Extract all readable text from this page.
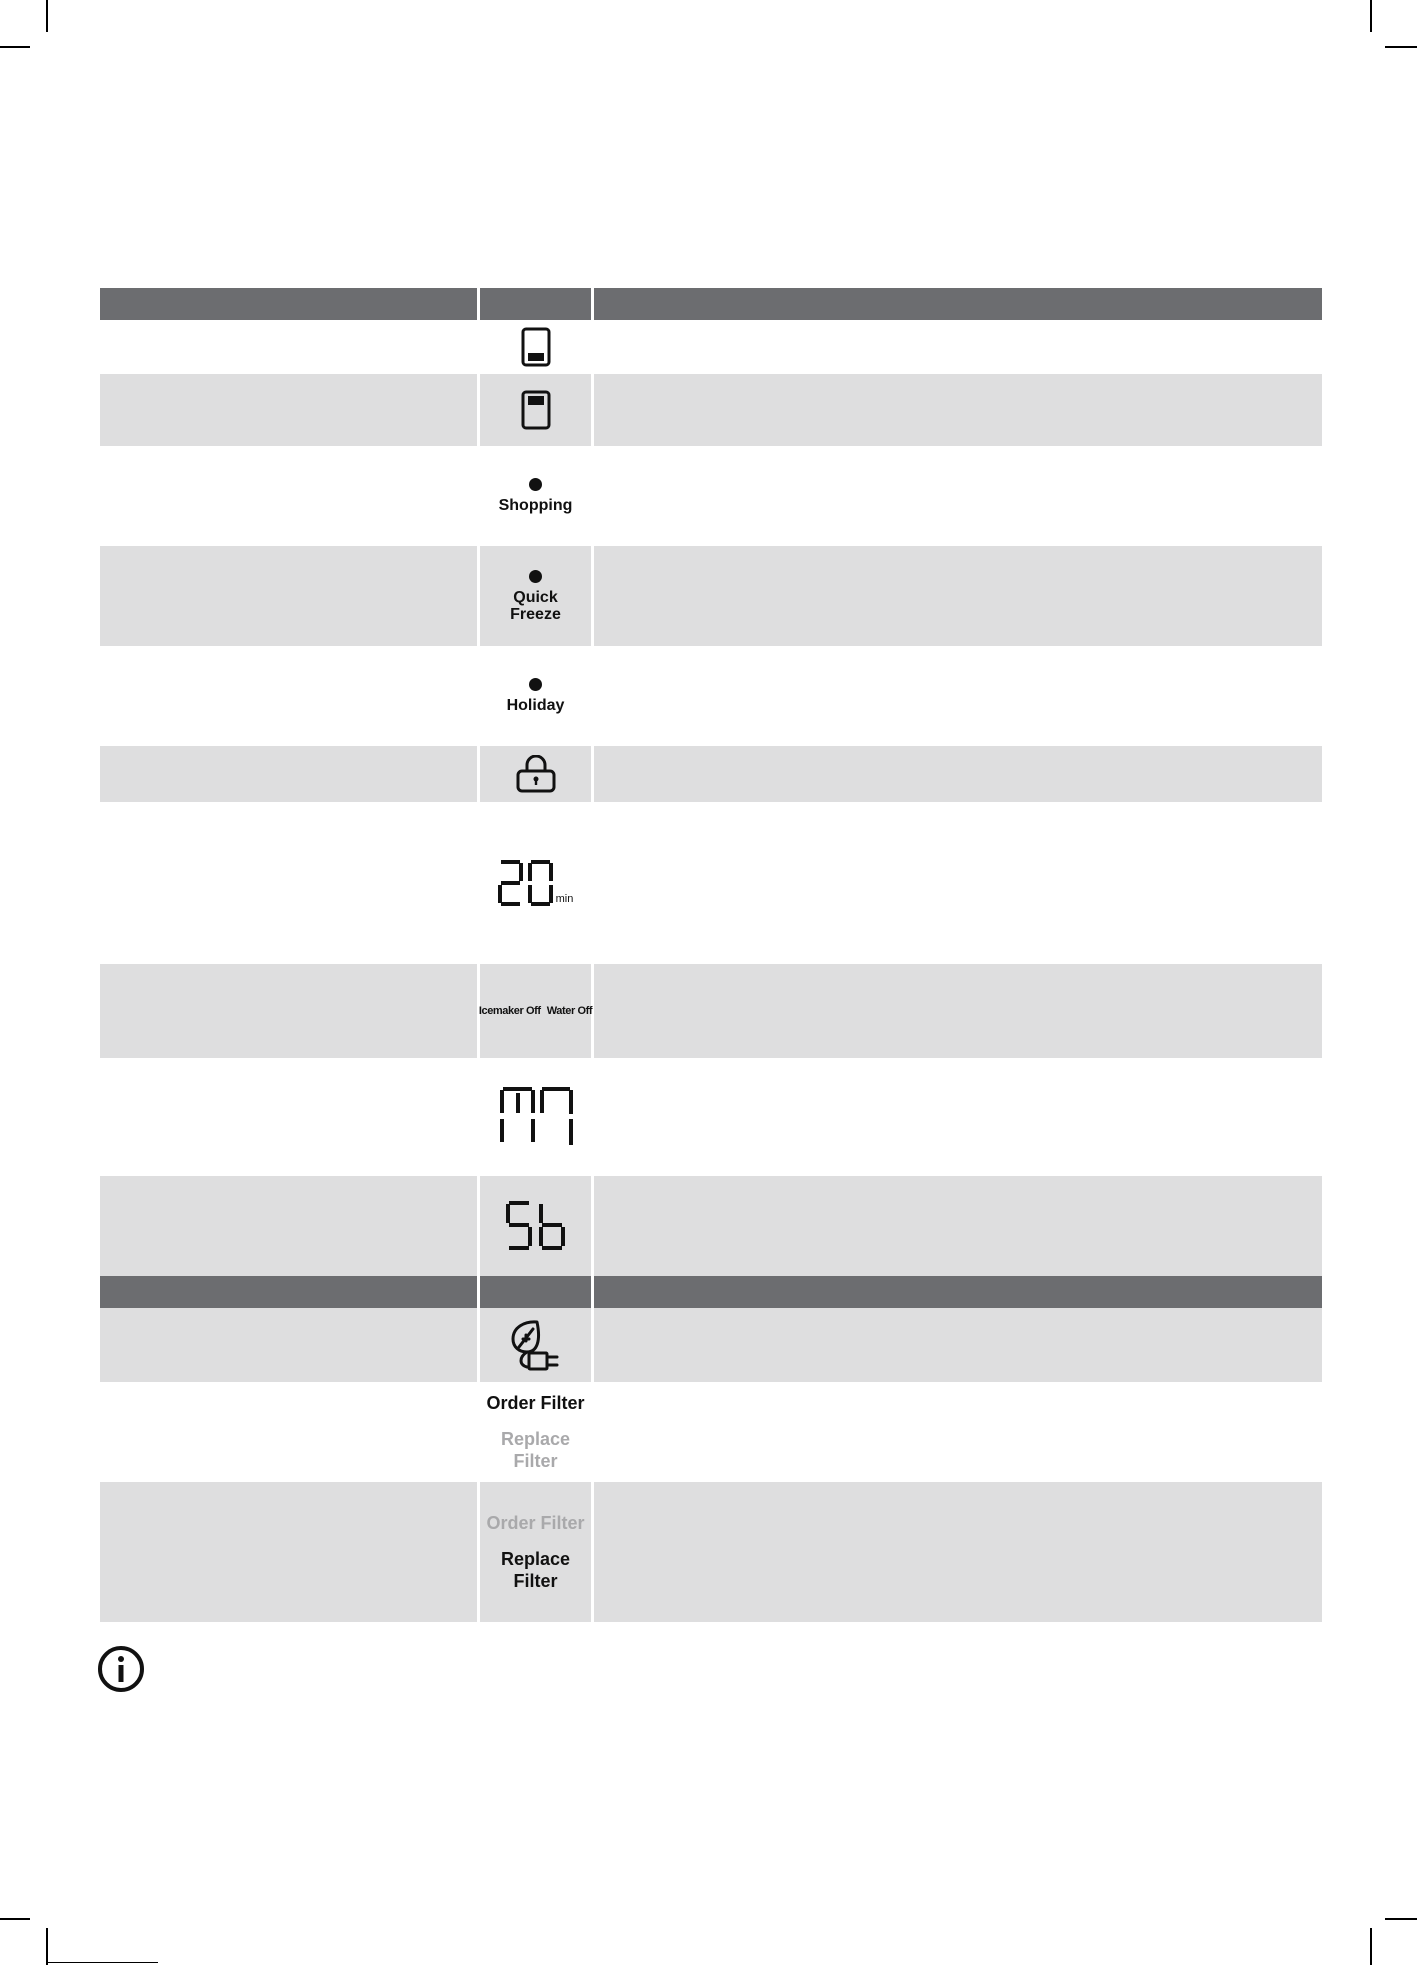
Shopping
Quick
Freeze
Holiday
min
Icemaker Off Water Off
Order Filter
Replace Filter
Order Filter
Replace Filter
